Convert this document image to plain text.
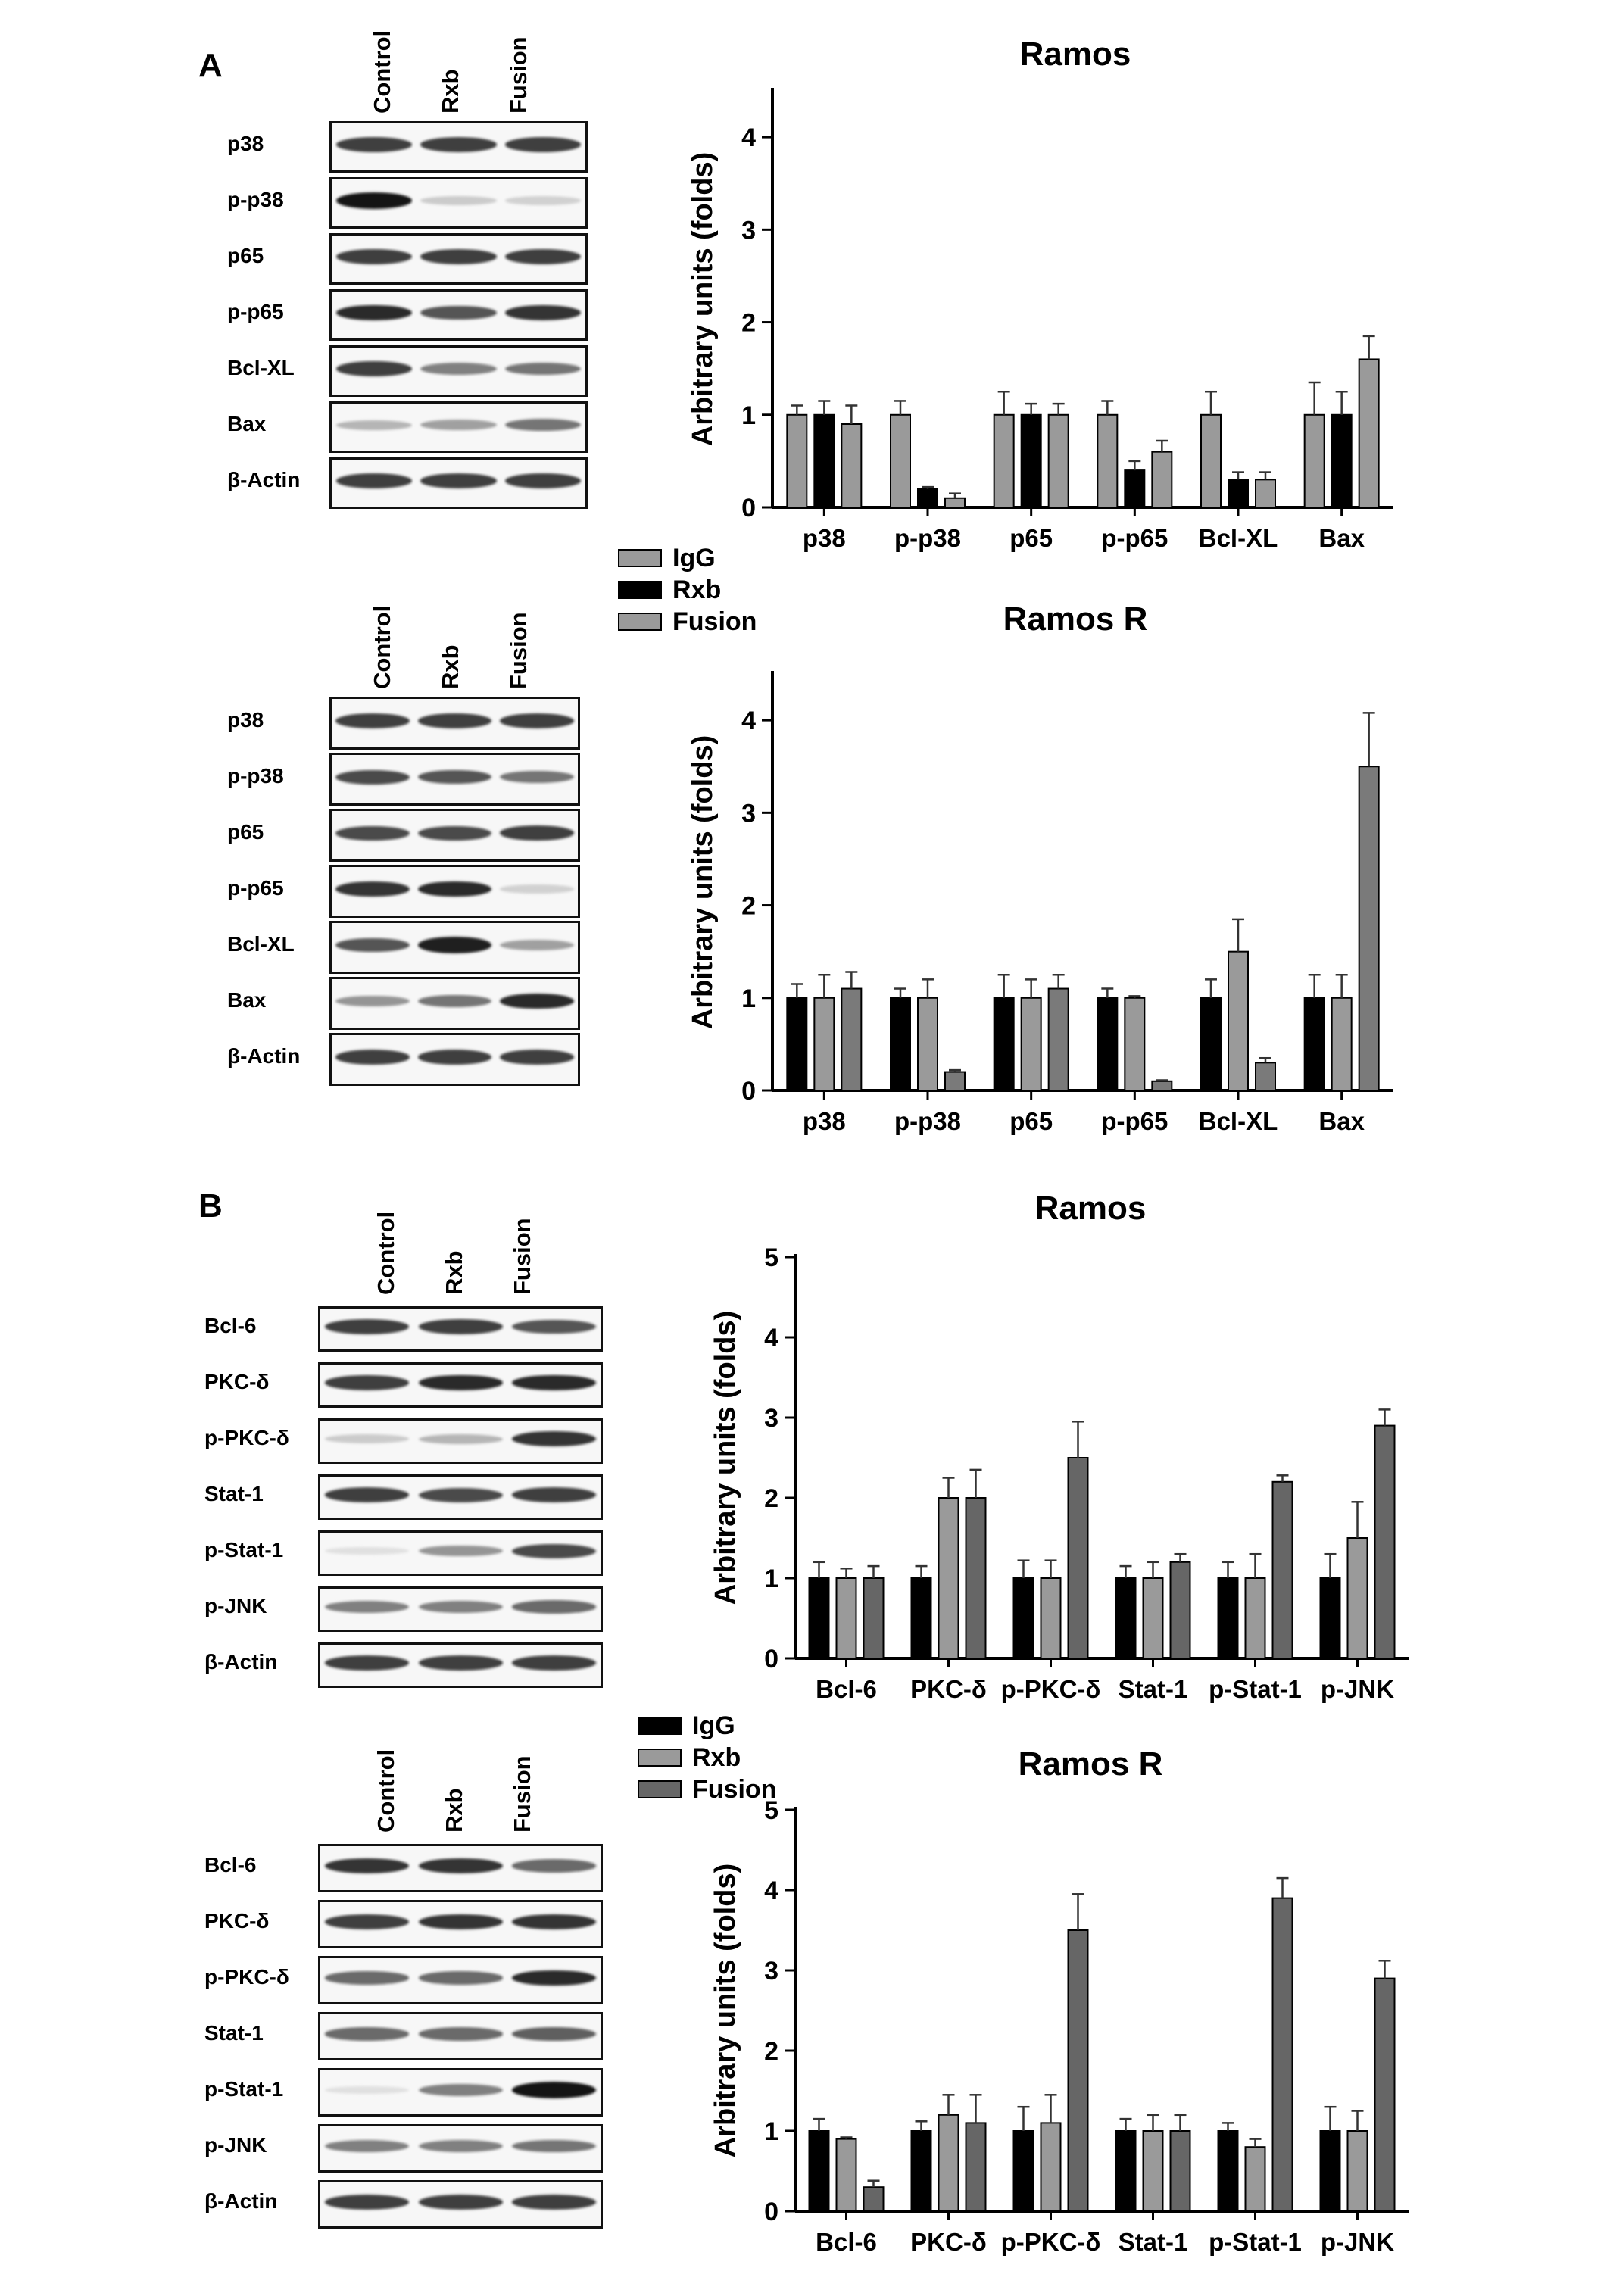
A
B
Control Rxb Fusion
p38
p-p38
p65
p-p65
Bcl-XL
Bax
β-Actin
Control Rxb Fusion
p38
p-p38
p65
p-p65
Bcl-XL
Bax
β-Actin
Control Rxb Fusion
Bcl-6
PKC-δ
p-PKC-δ
Stat-1
p-Stat-1
p-JNK
β-Actin
Control Rxb Fusion
Bcl-6
PKC-δ
p-PKC-δ
Stat-1
p-Stat-1
p-JNK
β-Actin
IgG
Rxb
Fusion
IgG
Rxb
Fusion
Ramos
Arbitrary units (folds)
0
1
2
3
4
p38 p-p38 p65 p-p65 Bcl-XL Bax
Ramos R
Arbitrary units (folds)
0
1
2
3
4
p38 p-p38 p65 p-p65 Bcl-XL Bax
Ramos
Arbitrary units (folds)
0
1
2
3
4
5
Bcl-6 PKC-δ p-PKC-δ Stat-1 p-Stat-1 p-JNK
Ramos R
Arbitrary units (folds)
0
1
2
3
4
5
Bcl-6 PKC-δ p-PKC-δ Stat-1 p-Stat-1 p-JNK
